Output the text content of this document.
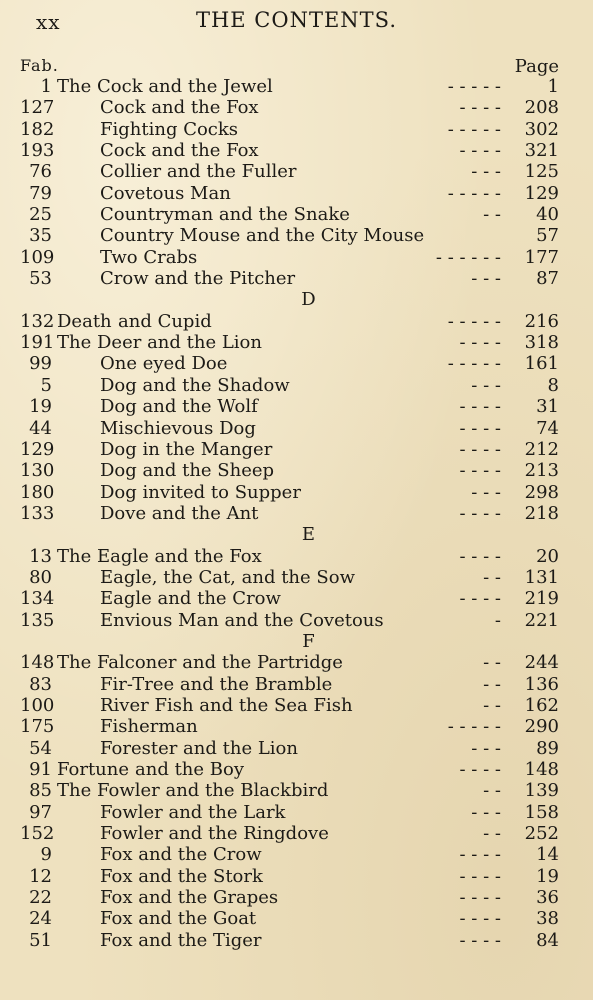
xx	THE CONTENTS.
Fab.	Page
1 The Cock and the Jewel	- - - - -	1
127	Cock and the Fox	- - - -	208
182	Fighting Cocks	- - - - -	302
193	Cock and the Fox	- - - -	321
76	Collier and the Fuller	- - -	125
79	Covetous Man	- - - - -	129
25	Countryman and the Snake	- -	40
35	Country Mouse and the City Mouse	57
109	Two Crabs	- - - - - -	177
53	Crow and the Pitcher	- - -	87
D
132 Death and Cupid	- - - - -	216
191 The Deer and the Lion	- - - -	318
99	One eyed Doe	- - - - -	161
5	Dog and the Shadow	- - -	8
19	Dog and the Wolf	- - - -	31
44	Mischievous Dog	- - - -	74
129	Dog in the Manger	- - - -	212
130	Dog and the Sheep	- - - -	213
180	Dog invited to Supper	- - -	298
133	Dove and the Ant	- - - -	218
E
13 The Eagle and the Fox	- - - -	20
80	Eagle, the Cat, and the Sow	- -	131
134	Eagle and the Crow	- - - -	219
135	Envious Man and the Covetous	-	221
F
148 The Falconer and the Partridge	- -	244
83	Fir-Tree and the Bramble	- -	136
100	River Fish and the Sea Fish	- -	162
175	Fisherman	- - - - -	290
54	Forester and the Lion	- - -	89
91 Fortune and the Boy	- - - -	148
85 The Fowler and the Blackbird	- -	139
97	Fowler and the Lark	- - -	158
152	Fowler and the Ringdove	- -	252
9	Fox and the Crow	- - - -	14
12	Fox and the Stork	- - - -	19
22	Fox and the Grapes	- - - -	36
24	Fox and the Goat	- - - -	38
51	Fox and the Tiger	- - - -	84
